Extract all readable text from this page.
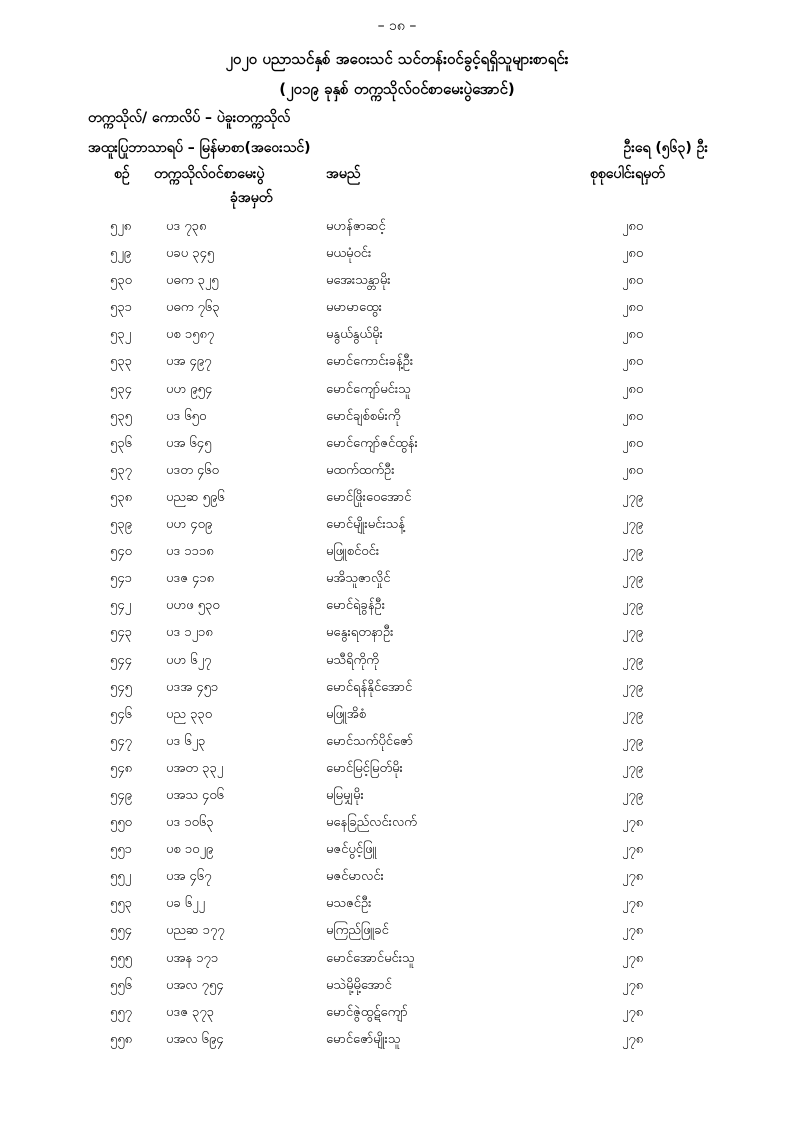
– ၁၈ –
၂၀၂၀ ပညာသင်နှစ် အဝေးသင် သင်တန်းဝင်ခွင့်ရရှိသူများစာရင်း
(၂၀၁၉ ခုနှစ် တက္ကသိုလ်ဝင်စာမေးပွဲအောင်)
တက္ကသိုလ်/ ကောလိပ် – ပဲခူးတက္ကသိုလ်
အထူးပြုဘာသာရပ် – မြန်မာစာ(အဝေးသင်)	ဦးရေ (၅၆၃) ဦး
စဉ် တက္ကသိုလ်ဝင်စာမေးပွဲ
ခုံအမှတ်
အမည်	စုစုပေါင်းရမှတ်
၅၂၈	ပဒ ၇၃၈	မဟန်ဇာဆင့်	၂၈၀
၅၂၉	ပခပ ၃၄၅	မယမုံဝင်း	၂၈၀
၅၃၀	ပဓက ၃၂၅	မအေးသန္တာမိုး	၂၈၀
၅၃၁	ပဓက ၇၆၃	မမာမာထွေး	၂၈၀
၅၃၂	ပစ ၁၅၈၇	မနွယ်နွယ်မိုး	၂၈၀
၅၃၃	ပအ ၄၉၇	မောင်ကောင်းခန့်ဦး	၂၈၀
၅၃၄	ပဟ ၉၅၄	မောင်ကျော်မင်းသူ	၂၈၀
၅၃၅	ပဒ ၆၅၀	မောင်ချစ်စမ်းကို	၂၈၀
၅၃၆	ပအ ၆၄၅	မောင်ကျော်ဇင်ထွန်း	၂၈၀
၅၃၇	ပဒတ ၄၆၀	မထက်ထက်ဦး	၂၈၀
၅၃၈	ပညဆ ၅၉၆	မောင်ဖြိုးဝေအောင်	၂၇၉
၅၃၉	ပဟ ၄၀၉	မောင်မျိုးမင်းသန့်	၂၇၉
၅၄၀	ပဒ ၁၁၁၈	မဖြူစင်ဝင်း	၂၇၉
၅၄၁	ပဒဇ ၄၁၈	မအိသူဇာလှိုင်	၂၇၉
၅၄၂	ပဟဖ ၅၃၀	မောင်ရဲခွန်ဦး	၂၇၉
၅၄၃	ပဒ ၁၂၁၈	မနွေးရတနာဦး	၂၇၉
၅၄၄	ပဟ ၆၂၇	မသီရိကိုကို	၂၇၉
၅၄၅	ပဒအ ၄၅၁	မောင်ရန်နိုင်အောင်	၂၇၉
၅၄၆	ပည ၃၃၀	မဖြူအိစံ	၂၇၉
၅၄၇	ပဒ ၆၂၃	မောင်သက်ပိုင်ဇော်	၂၇၉
၅၄၈	ပအတ ၃၃၂	မောင်မြင့်မြတ်မိုး	၂၇၉
၅၄၉	ပအသ ၄၀၆	မမြမျှမိုး	၂၇၉
၅၅၀	ပဒ ၁၀၆၃	မနေခြည်လင်းလက်	၂၇၈
၅၅၁	ပစ ၁၀၂၉	မဇင်ပွင့်ဖြူ	၂၇၈
၅၅၂	ပအ ၄၆၇	မဇင်မာလင်း	၂၇၈
၅၅၃	ပခ ၆၂၂	မသဇင်ဦး	၂၇၈
၅၅၄	ပညဆ ၁၇၇	မကြည်ဖြူခင်	၂၇၈
၅၅၅	ပအန ၁၇၁	မောင်အောင်မင်းသူ	၂၇၈
၅၅၆	ပအလ ၇၅၄	မသဲမို့မို့အောင်	၂၇၈
၅၅၇	ပဒဇ ၃၇၃	မောင်ဇွဲထွဋ်ကျော်	၂၇၈
၅၅၈	ပအလ ၆၉၄	မောင်ဇော်မျိုးသူ	၂၇၈
